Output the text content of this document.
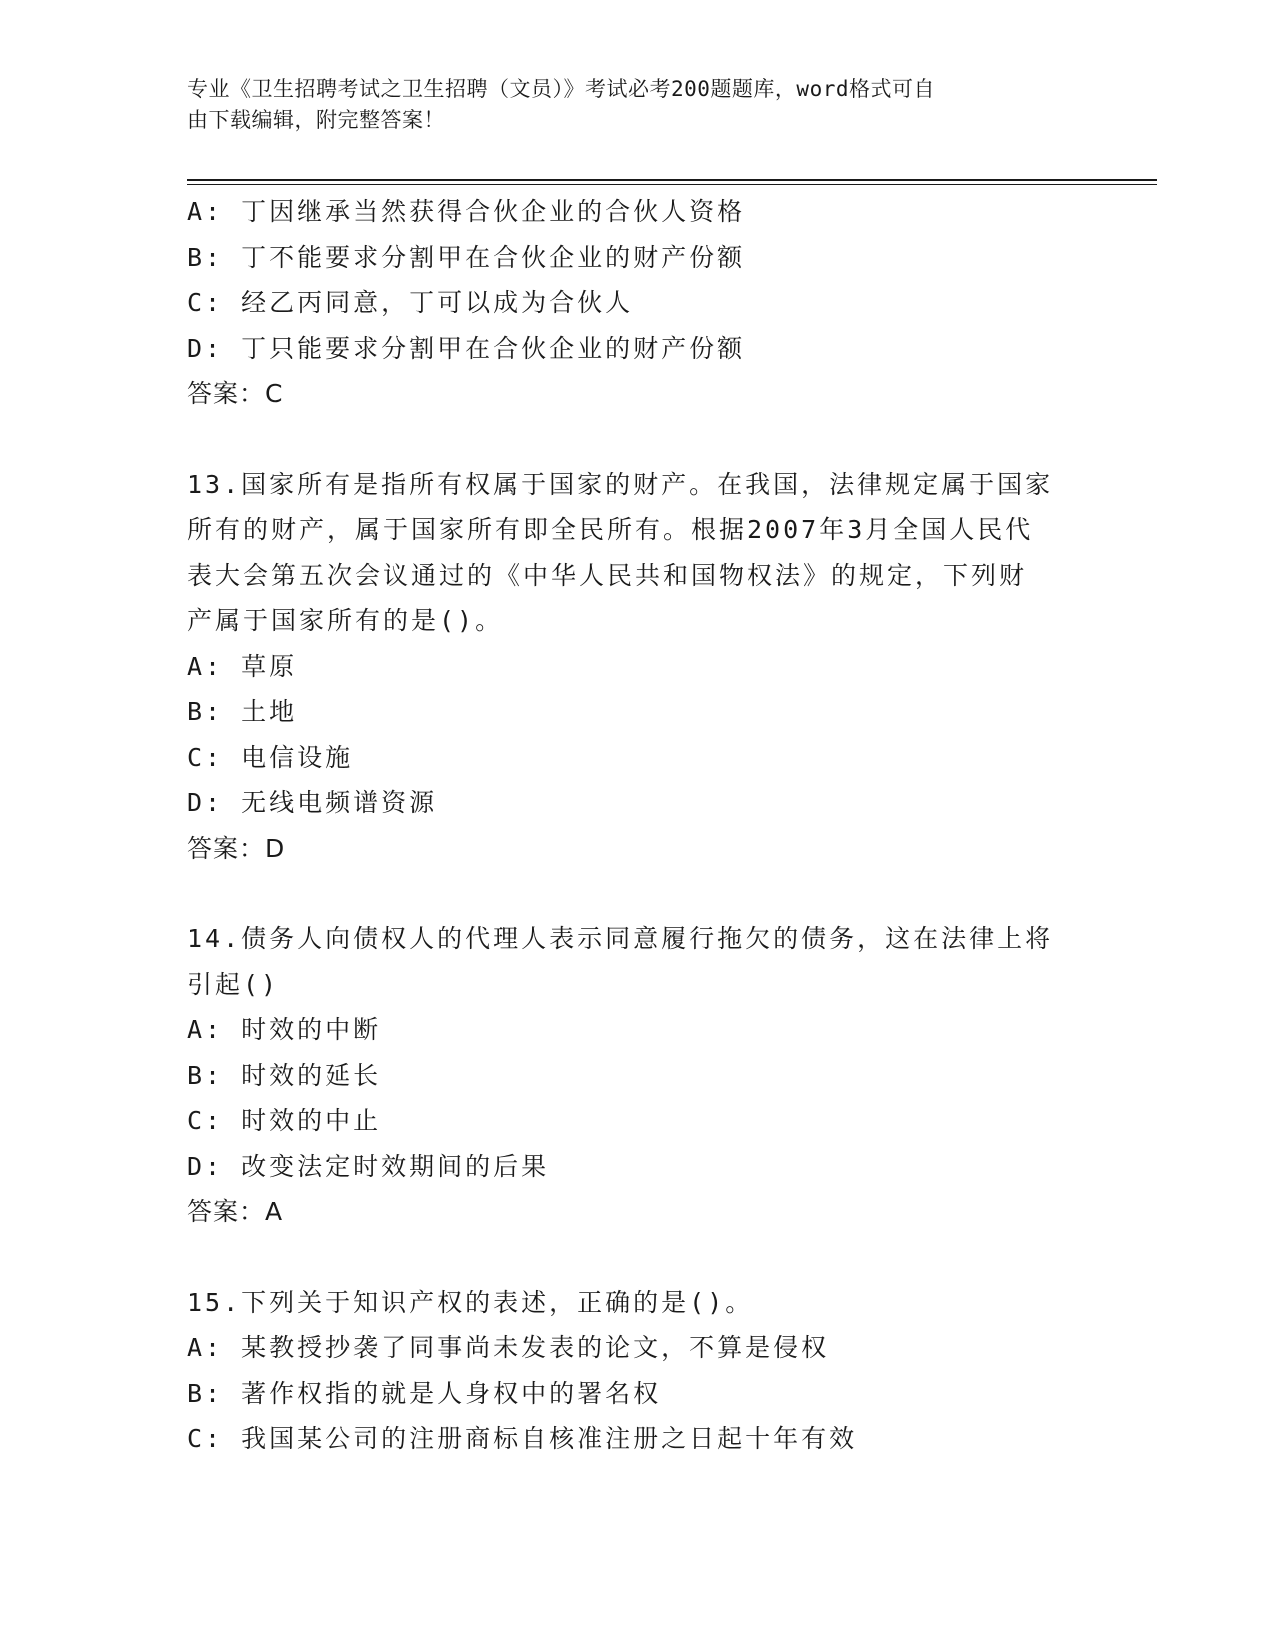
专业《卫生招聘考试之卫生招聘（文员）》考试必考200题题库，word格式可自
由下载编辑，附完整答案！
A: 丁因继承当然获得合伙企业的合伙人资格
B: 丁不能要求分割甲在合伙企业的财产份额
C: 经乙丙同意，丁可以成为合伙人
D: 丁只能要求分割甲在合伙企业的财产份额
答案：C
13.国家所有是指所有权属于国家的财产。在我国，法律规定属于国家
所有的财产，属于国家所有即全民所有。根据2007年3月全国人民代
表大会第五次会议通过的《中华人民共和国物权法》的规定，下列财
产属于国家所有的是()。
A: 草原
B: 土地
C: 电信设施
D: 无线电频谱资源
答案：D
14.债务人向债权人的代理人表示同意履行拖欠的债务，这在法律上将
引起()
A: 时效的中断
B: 时效的延长
C: 时效的中止
D: 改变法定时效期间的后果
答案：A
15.下列关于知识产权的表述，正确的是()。
A: 某教授抄袭了同事尚未发表的论文，不算是侵权
B: 著作权指的就是人身权中的署名权
C: 我国某公司的注册商标自核准注册之日起十年有效
